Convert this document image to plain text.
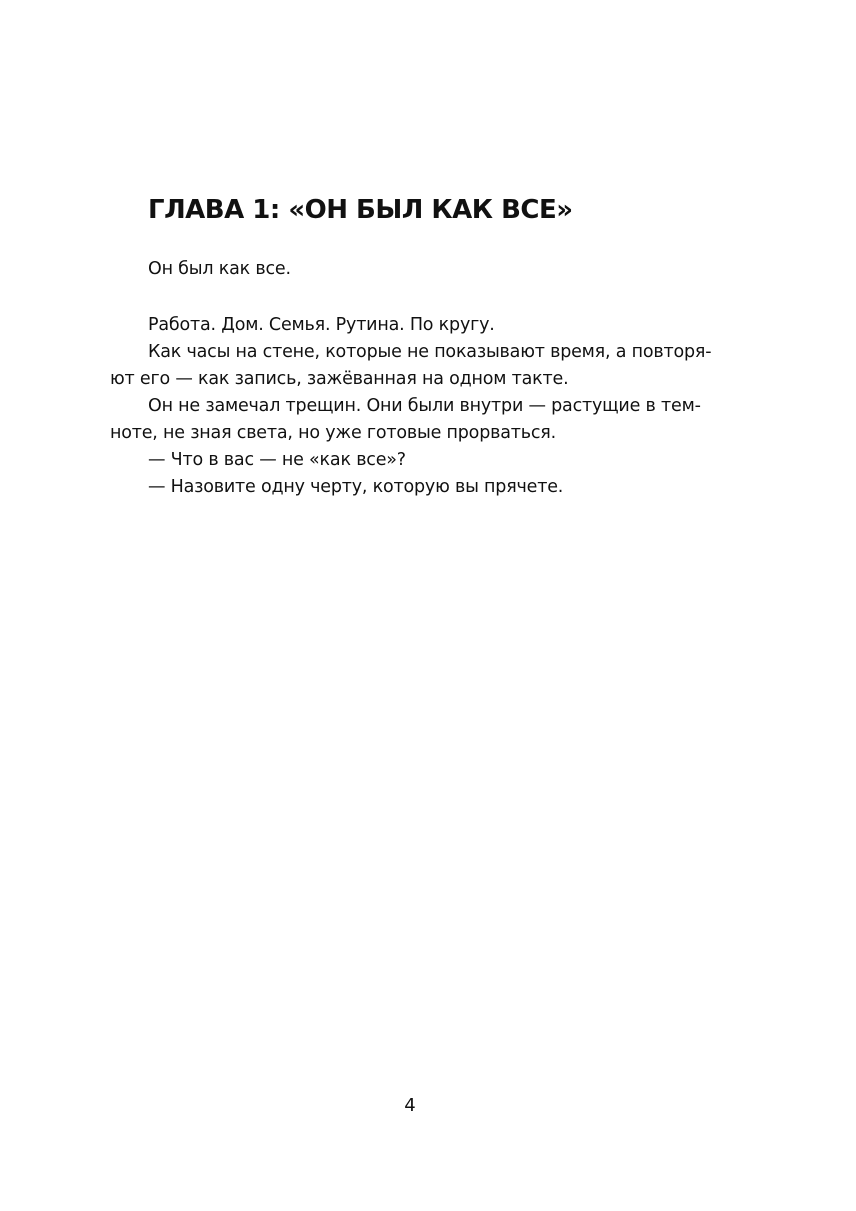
ГЛАВА 1: «ОН БЫЛ КАК ВСЕ»

Он был как все.

Работа. Дом. Семья. Рутина. По кругу.

Как часы на стене, которые не показывают время, а повторя-

ют его — как запись, зажёванная на одном такте.

Он не замечал трещин. Они были внутри — растущие в тем-

ноте, не зная света, но уже готовые прорваться.

— Что в вас — не «как все»?

— Назовите одну черту, которую вы прячете.

4
